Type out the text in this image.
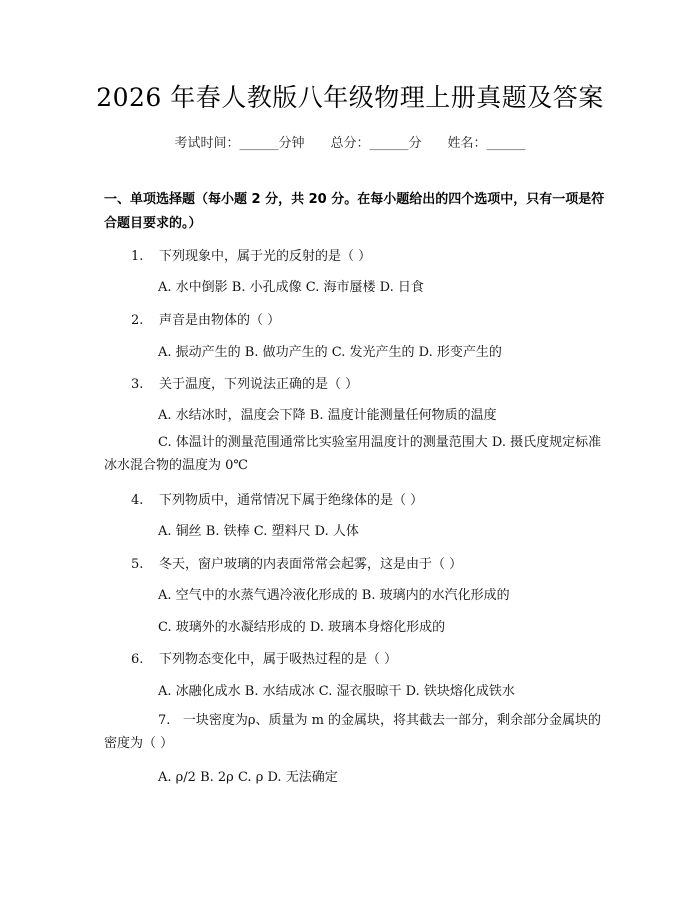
2026 年春人教版八年级物理上册真题及答案
考试时间：______分钟 总分：______分 姓名：______
一、单项选择题（每小题 2 分，共 20 分。在每小题给出的四个选项中，只有一项是符合题目要求的。）
1. 下列现象中，属于光的反射的是（ ）
A. 水中倒影 B. 小孔成像 C. 海市蜃楼 D. 日食
2. 声音是由物体的（ ）
A. 振动产生的 B. 做功产生的 C. 发光产生的 D. 形变产生的
3. 关于温度，下列说法正确的是（ ）
A. 水结冰时，温度会下降 B. 温度计能测量任何物质的温度
C. 体温计的测量范围通常比实验室用温度计的测量范围大 D. 摄氏度规定标准冰水混合物的温度为 0℃
4. 下列物质中，通常情况下属于绝缘体的是（ ）
A. 铜丝 B. 铁棒 C. 塑料尺 D. 人体
5. 冬天，窗户玻璃的内表面常常会起雾，这是由于（ ）
A. 空气中的水蒸气遇冷液化形成的 B. 玻璃内的水汽化形成的
C. 玻璃外的水凝结形成的 D. 玻璃本身熔化形成的
6. 下列物态变化中，属于吸热过程的是（ ）
A. 冰融化成水 B. 水结成冰 C. 湿衣服晾干 D. 铁块熔化成铁水
7. 一块密度为ρ、质量为 m 的金属块，将其截去一部分，剩余部分金属块的密度为（ ）
A. ρ/2 B. 2ρ C. ρ D. 无法确定
